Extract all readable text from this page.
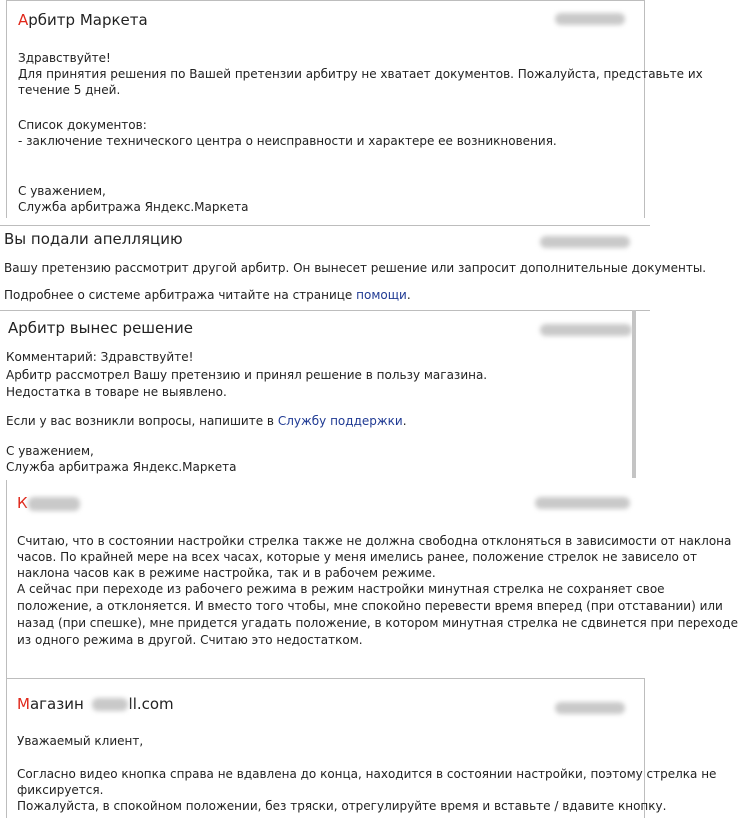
Арбитр Маркета
Здравствуйте!
Для принятия решения по Вашей претензии арбитру не хватает документов. Пожалуйста, представьте их
течение 5 дней.
Список документов:
- заключение технического центра о неисправности и характере ее возникновения.
С уважением,
Служба арбитража Яндекс.Маркета
Вы подали апелляцию
Вашу претензию рассмотрит другой арбитр. Он вынесет решение или запросит дополнительные документы.
Подробнее о системе арбитража читайте на странице помощи.
Арбитр вынес решение
Комментарий: Здравствуйте!
Арбитр рассмотрел Вашу претензию и принял решение в пользу магазина.
Недостатка в товаре не выявлено.
Если у вас возникли вопросы, напишите в Службу поддержки.
С уважением,
Служба арбитража Яндекс.Маркета
К
Считаю, что в состоянии настройки стрелка также не должна свободна отклоняться в зависимости от наклона
часов. По крайней мере на всех часах, которые у меня имелись ранее, положение стрелок не зависело от
наклона часов как в режиме настройка, так и в рабочем режиме.
А сейчас при переходе из рабочего режима в режим настройки минутная стрелка не сохраняет свое
положение, а отклоняется. И вместо того чтобы, мне спокойно перевести время вперед (при отставании) или
назад (при спешке), мне придется угадать положение, в котором минутная стрелка не сдвинется при переходе
из одного режима в другой. Считаю это недостатком.
Магазин	ll.com
Уважаемый клиент,
Согласно видео кнопка справа не вдавлена до конца, находится в состоянии настройки, поэтому стрелка не
фиксируется.
Пожалуйста, в спокойном положении, без тряски, отрегулируйте время и вставьте / вдавите кнопку.
